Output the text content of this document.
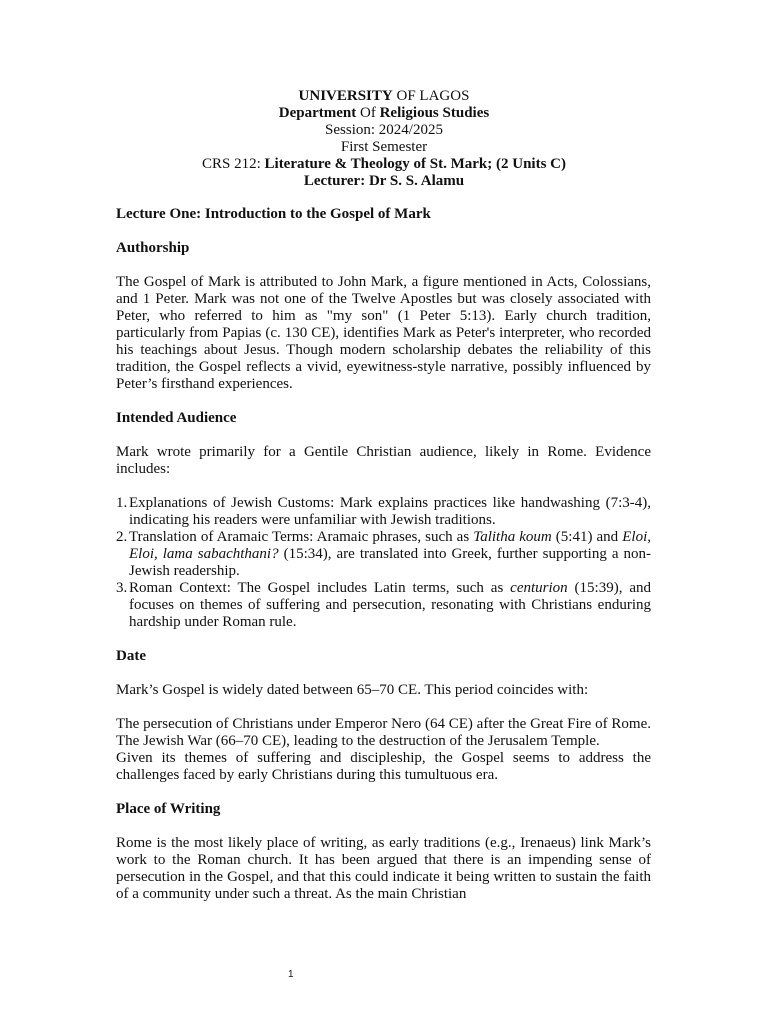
UNIVERSITY OF LAGOS
Department Of Religious Studies
Session: 2024/2025
First Semester
CRS 212: Literature & Theology of St. Mark; (2 Units C)
Lecturer: Dr S. S. Alamu

Lecture One: Introduction to the Gospel of Mark

Authorship

The Gospel of Mark is attributed to John Mark, a figure mentioned in Acts, Colossians, and 1 Peter. Mark was not one of the Twelve Apostles but was closely associated with Peter, who referred to him as "my son" (1 Peter 5:13). Early church tradition, particularly from Papias (c. 130 CE), identifies Mark as Peter's interpreter, who recorded his teachings about Jesus. Though modern scholarship debates the reliability of this tradition, the Gospel reflects a vivid, eyewitness-style narrative, possibly influenced by Peter’s firsthand experiences.

Intended Audience

Mark wrote primarily for a Gentile Christian audience, likely in Rome. Evidence includes:

1. Explanations of Jewish Customs: Mark explains practices like handwashing (7:3-4), indicating his readers were unfamiliar with Jewish traditions.
2. Translation of Aramaic Terms: Aramaic phrases, such as Talitha koum (5:41) and Eloi, Eloi, lama sabachthani? (15:34), are translated into Greek, further supporting a non-Jewish readership.
3. Roman Context: The Gospel includes Latin terms, such as centurion (15:39), and focuses on themes of suffering and persecution, resonating with Christians enduring hardship under Roman rule.

Date

Mark’s Gospel is widely dated between 65–70 CE. This period coincides with:

The persecution of Christians under Emperor Nero (64 CE) after the Great Fire of Rome. The Jewish War (66–70 CE), leading to the destruction of the Jerusalem Temple.

Given its themes of suffering and discipleship, the Gospel seems to address the challenges faced by early Christians during this tumultuous era.

Place of Writing

Rome is the most likely place of writing, as early traditions (e.g., Irenaeus) link Mark’s work to the Roman church. It has been argued that there is an impending sense of persecution in the Gospel, and that this could indicate it being written to sustain the faith of a community under such a threat. As the main Christian

1
